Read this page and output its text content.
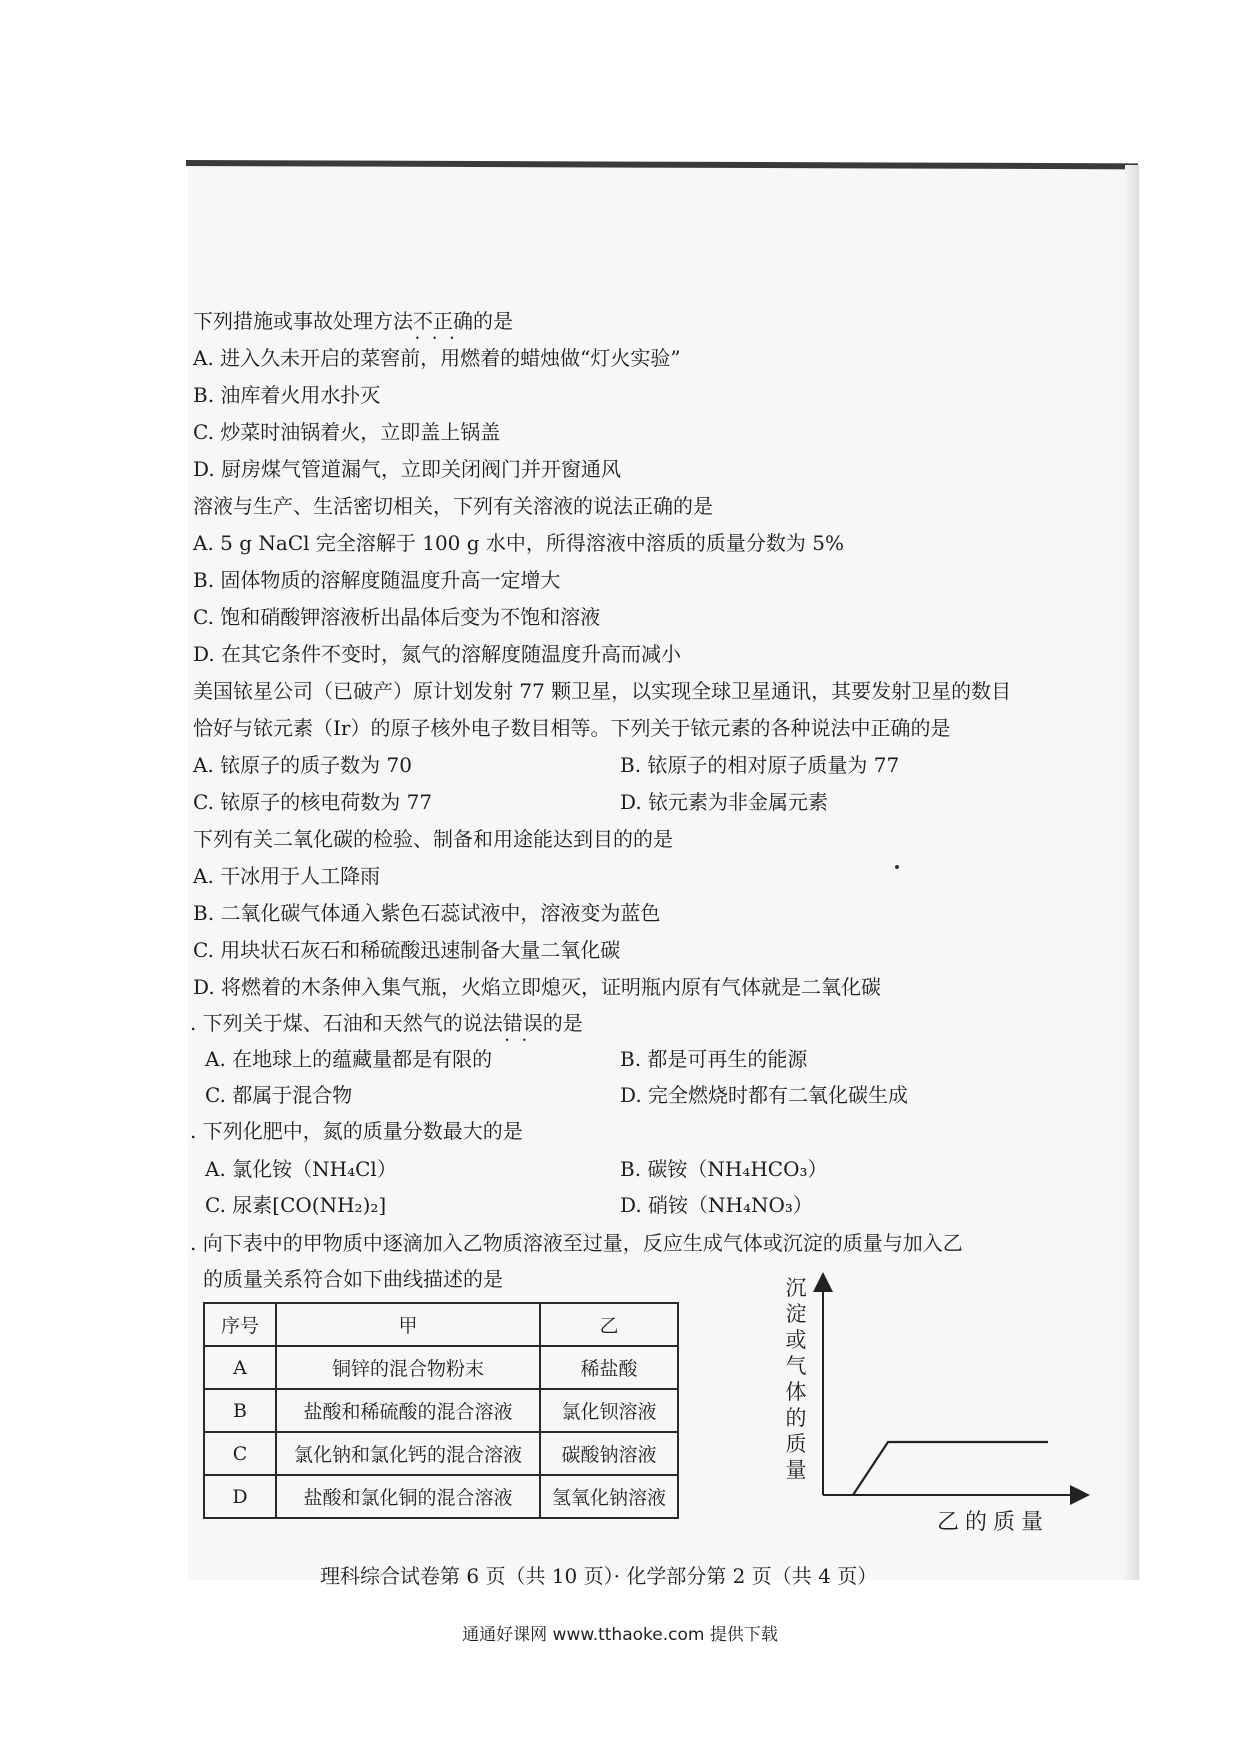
下列措施或事故处理方法不正确 • • •的是
A. 进入久未开启的菜窖前，用燃着的蜡烛做“灯火实验”
B. 油库着火用水扑灭
C. 炒菜时油锅着火，立即盖上锅盖
D. 厨房煤气管道漏气，立即关闭阀门并开窗通风
溶液与生产、生活密切相关，下列有关溶液的说法正确的是
A. 5 g NaCl 完全溶解于 100 g 水中，所得溶液中溶质的质量分数为 5%
B. 固体物质的溶解度随温度升高一定增大
C. 饱和硝酸钾溶液析出晶体后变为不饱和溶液
D. 在其它条件不变时，氮气的溶解度随温度升高而减小
美国铱星公司（已破产）原计划发射 77 颗卫星，以实现全球卫星通讯，其要发射卫星的数目
恰好与铱元素（Ir）的原子核外电子数目相等。下列关于铱元素的各种说法中正确的是
A. 铱原子的质子数为 70	B. 铱原子的相对原子质量为 77
C. 铱原子的核电荷数为 77	D. 铱元素为非金属元素
下列有关二氧化碳的检验、制备和用途能达到目的的是
A. 干冰用于人工降雨
B. 二氧化碳气体通入紫色石蕊试液中，溶液变为蓝色
C. 用块状石灰石和稀硫酸迅速制备大量二氧化碳
D. 将燃着的木条伸入集气瓶，火焰立即熄灭，证明瓶内原有气体就是二氧化碳
. 下列关于煤、石油和天然气的说法错误 • •的是
A. 在地球上的蕴藏量都是有限的	B. 都是可再生的能源
C. 都属于混合物	D. 完全燃烧时都有二氧化碳生成
. 下列化肥中，氮的质量分数最大的是
A. 氯化铵（NH₄Cl）	B. 碳铵（NH₄HCO₃）
C. 尿素[CO(NH₂)₂]	D. 硝铵（NH₄NO₃）
. 向下表中的甲物质中逐滴加入乙物质溶液至过量，反应生成气体或沉淀的质量与加入乙
的质量关系符合如下曲线描述的是
序号	甲	乙
A	铜锌的混合物粉末	稀盐酸
B	盐酸和稀硫酸的混合溶液	氯化钡溶液
C	氯化钠和氯化钙的混合溶液	碳酸钠溶液
D	盐酸和氯化铜的混合溶液	氢氧化钠溶液
沉淀或气体的质量
乙的质量
理科综合试卷第 6 页（共 10 页）· 化学部分第 2 页（共 4 页）
通通好课网 www.tthaoke.com 提供下载
